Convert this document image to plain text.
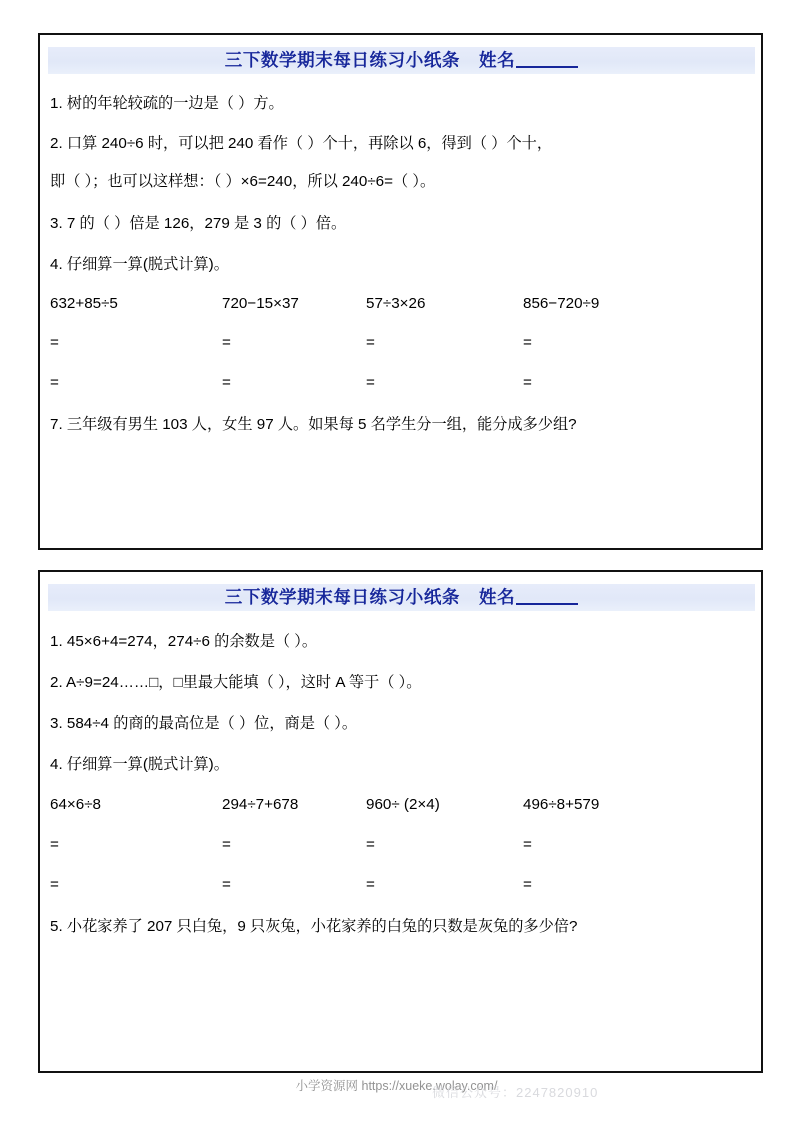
三下数学期末每日练习小纸条 姓名
1. 树的年轮较疏的一边是（ ）方。
2. 口算 240÷6 时，可以把 240 看作（ ）个十，再除以 6，得到（ ）个十，
即（ ）；也可以这样想：（ ）×6=240，所以 240÷6=（ ）。
3. 7 的（ ）倍是 126，279 是 3 的（ ）倍。
4. 仔细算一算(脱式计算)。
632+85÷5	720−15×37	57÷3×26	856−720÷9
=	=	=	=
=	=	=	=
7. 三年级有男生 103 人，女生 97 人。如果每 5 名学生分一组，能分成多少组?
三下数学期末每日练习小纸条 姓名
1. 45×6+4=274，274÷6 的余数是（ ）。
2. A÷9=24……□，□里最大能填（ ），这时 A 等于（ ）。
3. 584÷4 的商的最高位是（ ）位，商是（ ）。
4. 仔细算一算(脱式计算)。
64×6÷8	294÷7+678	960÷ (2×4)	496÷8+579
=	=	=	=
=	=	=	=
5. 小花家养了 207 只白兔，9 只灰兔，小花家养的白兔的只数是灰兔的多少倍?
小学资源网 https://xueke.wolay.com/
微信公众号：2247820910
